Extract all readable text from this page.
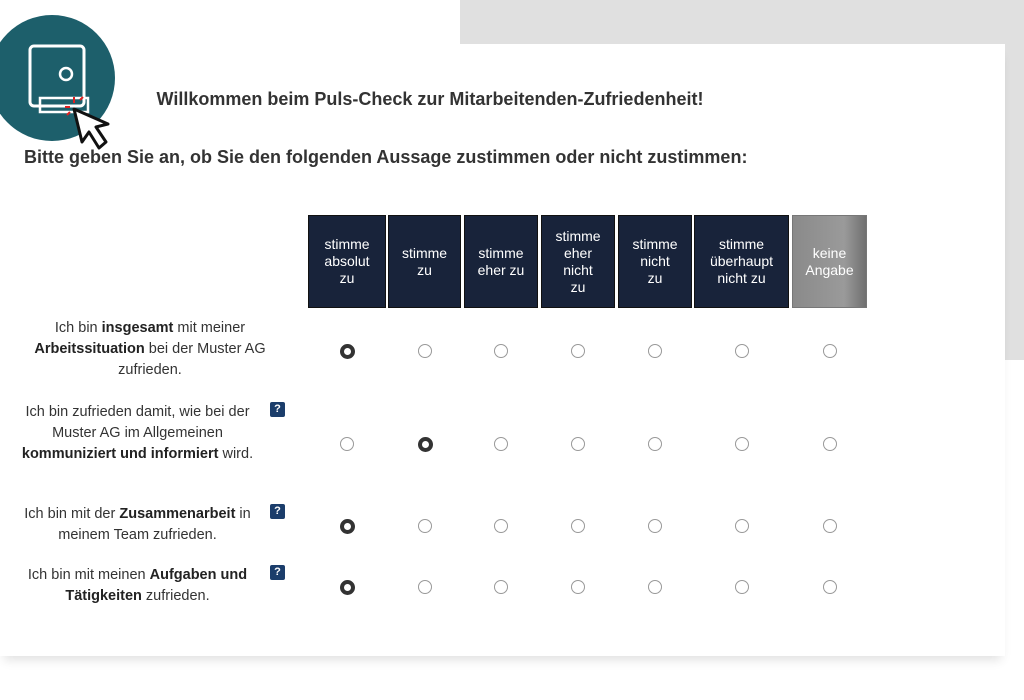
Willkommen beim Puls-Check zur Mitarbeitenden-Zufriedenheit!
Bitte geben Sie an, ob Sie den folgenden Aussage zustimmen oder nicht zustimmen:
stimme
absolut
zu
stimme
zu
stimme
eher zu
stimme
eher
nicht
zu
stimme
nicht
zu
stimme
überhaupt
nicht zu
keine
Angabe
Ich bin insgesamt mit meiner Arbeitssituation bei der Muster AG zufrieden.
Ich bin zufrieden damit, wie bei der Muster AG im Allgemeinen kommuniziert und informiert wird.
?
Ich bin mit der Zusammenarbeit in meinem Team zufrieden.
?
Ich bin mit meinen Aufgaben und Tätigkeiten zufrieden.
?
